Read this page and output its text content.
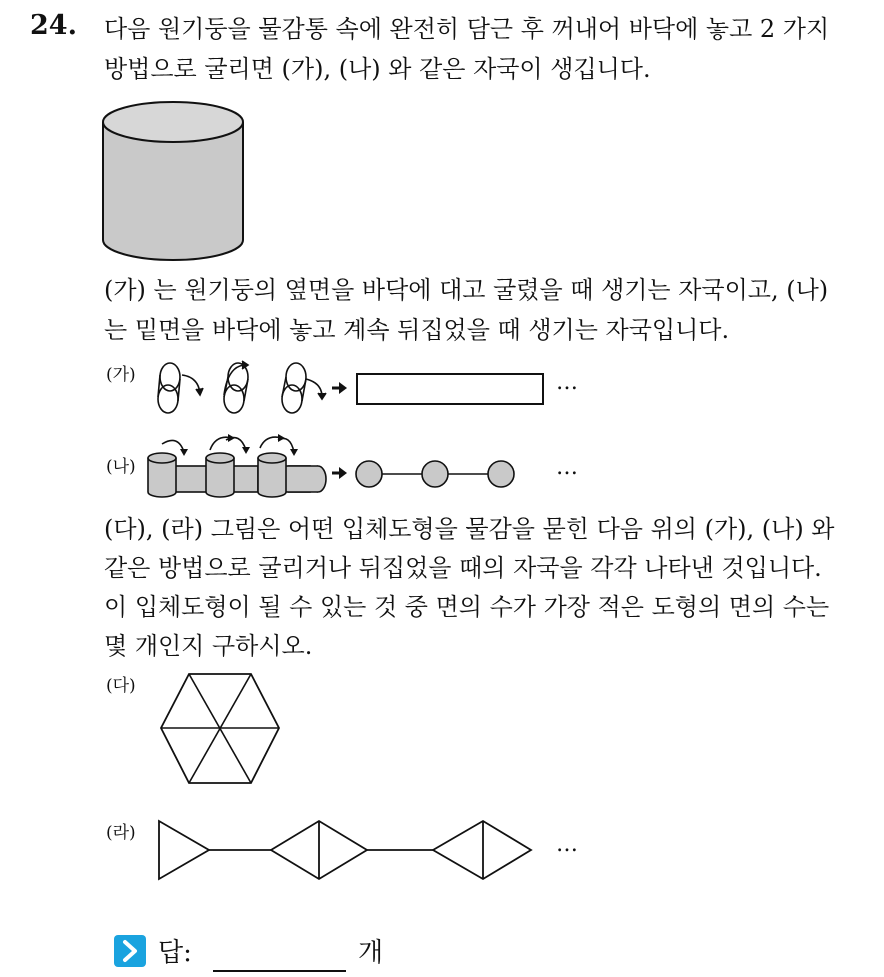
24. 다음 원기둥을 물감통 속에 완전히 담근 후 꺼내어 바닥에 놓고 2 가지
방법으로 굴리면 (가), (나) 와 같은 자국이 생깁니다.
(가) 는 원기둥의 옆면을 바닥에 대고 굴렸을 때 생기는 자국이고, (나)
는 밑면을 바닥에 놓고 계속 뒤집었을 때 생기는 자국입니다.
(가)	…
(나)	…
(다), (라) 그림은 어떤 입체도형을 물감을 묻힌 다음 위의 (가), (나) 와
같은 방법으로 굴리거나 뒤집었을 때의 자국을 각각 나타낸 것입니다.
이 입체도형이 될 수 있는 것 중 면의 수가 가장 적은 도형의 면의 수는
몇 개인지 구하시오.
(다)
(라)	…
답:	개
